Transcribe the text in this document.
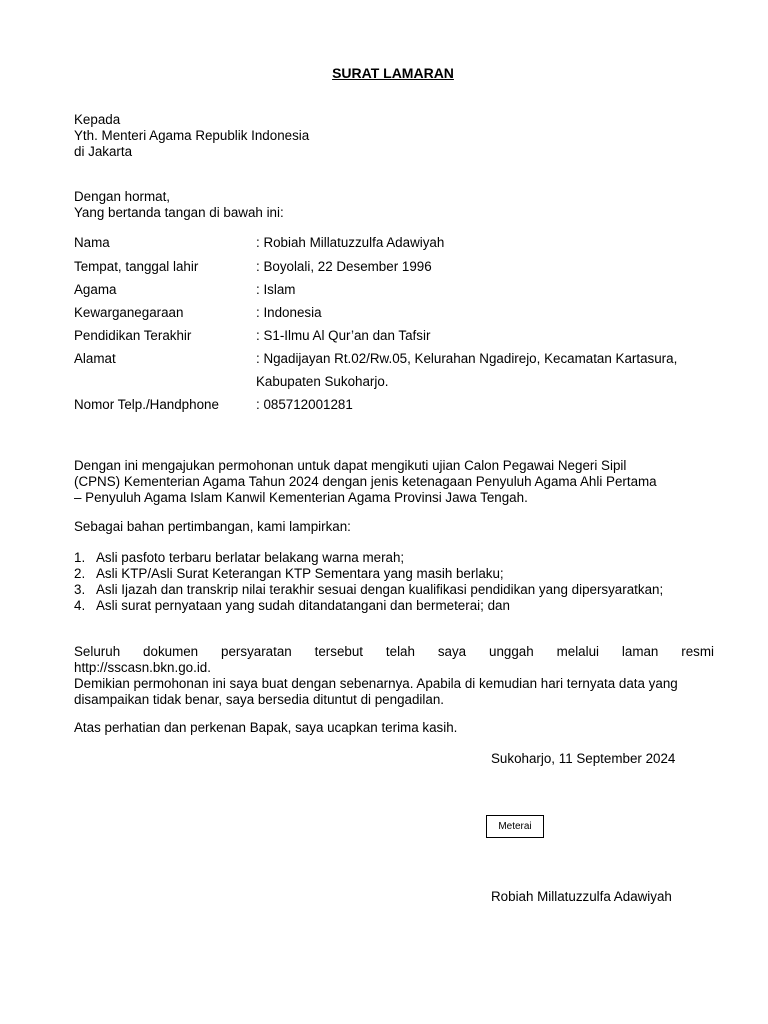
SURAT LAMARAN
Kepada
Yth. Menteri Agama Republik Indonesia
di Jakarta
Dengan hormat,
Yang bertanda tangan di bawah ini:
Nama	: Robiah Millatuzzulfa Adawiyah
Tempat, tanggal lahir	: Boyolali, 22 Desember 1996
Agama	: Islam
Kewarganegaraan	: Indonesia
Pendidikan Terakhir	: S1-Ilmu Al Qur’an dan Tafsir
Alamat	: Ngadijayan Rt.02/Rw.05, Kelurahan Ngadirejo, Kecamatan Kartasura,
Kabupaten Sukoharjo.
Nomor Telp./Handphone	: 085712001281
Dengan ini mengajukan permohonan untuk dapat mengikuti ujian Calon Pegawai Negeri Sipil
(CPNS) Kementerian Agama Tahun 2024 dengan jenis ketenagaan Penyuluh Agama Ahli Pertama
– Penyuluh Agama Islam Kanwil Kementerian Agama Provinsi Jawa Tengah.
Sebagai bahan pertimbangan, kami lampirkan:
1. Asli pasfoto terbaru berlatar belakang warna merah;
2. Asli KTP/Asli Surat Keterangan KTP Sementara yang masih berlaku;
3. Asli Ijazah dan transkrip nilai terakhir sesuai dengan kualifikasi pendidikan yang dipersyaratkan;
4. Asli surat pernyataan yang sudah ditandatangani dan bermeterai; dan
Seluruh dokumen persyaratan tersebut telah saya unggah melalui laman resmi
http://sscasn.bkn.go.id.
Demikian permohonan ini saya buat dengan sebenarnya. Apabila di kemudian hari ternyata data yang
disampaikan tidak benar, saya bersedia dituntut di pengadilan.
Atas perhatian dan perkenan Bapak, saya ucapkan terima kasih.
Sukoharjo, 11 September 2024
Meterai
Robiah Millatuzzulfa Adawiyah
